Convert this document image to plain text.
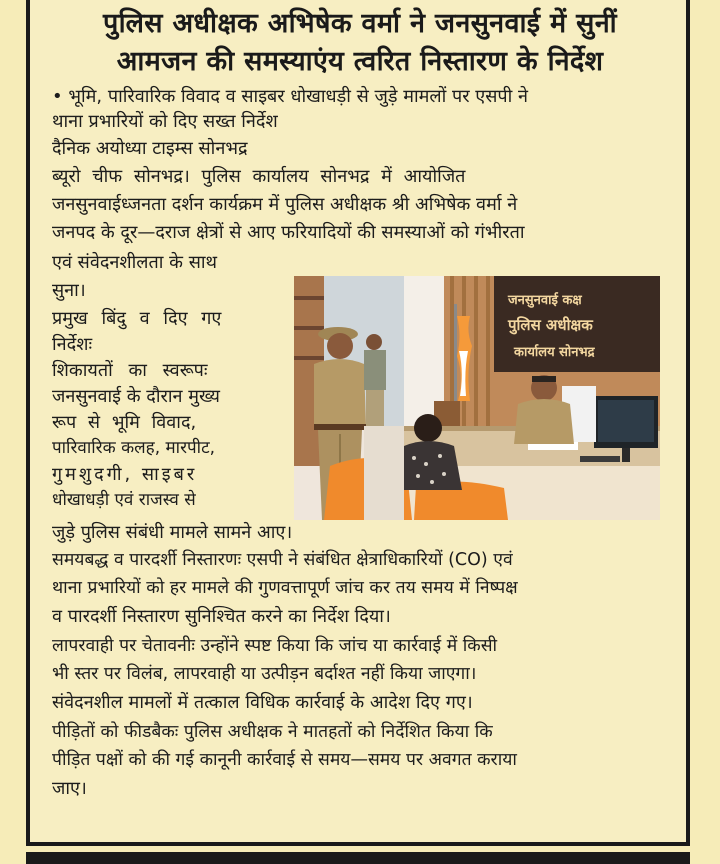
पुलिस अधीक्षक अभिषेक वर्मा ने जनसुनवाई में सुनीं
आमजन की समस्याएंय त्वरित निस्तारण के निर्देश
• भूमि, पारिवारिक विवाद व साइबर धोखाधड़ी से जुड़े मामलों पर एसपी ने
थाना प्रभारियों को दिए सख्त निर्देश
दैनिक अयोध्या टाइम्स सोनभद्र
ब्यूरो चीफ सोनभद्र। पुलिस कार्यालय सोनभद्र में आयोजित
जनसुनवाईध्जनता दर्शन कार्यक्रम में पुलिस अधीक्षक श्री अभिषेक वर्मा ने
जनपद के दूर—दराज क्षेत्रों से आए फरियादियों की समस्याओं को गंभीरता
एवं संवेदनशीलता के साथ
सुना।
प्रमुख बिंदु व दिए गए
निर्देशः
शिकायतों का स्वरूपः
जनसुनवाई के दौरान मुख्य
रूप से भूमि विवाद,
पारिवारिक कलह, मारपीट,
गुमशुदगी, साइबर
धोखाधड़ी एवं राजस्व से
जुड़े पुलिस संबंधी मामले सामने आए।
समयबद्ध व पारदर्शी निस्तारणः एसपी ने संबंधित क्षेत्राधिकारियों (CO) एवं
थाना प्रभारियों को हर मामले की गुणवत्तापूर्ण जांच कर तय समय में निष्पक्ष
व पारदर्शी निस्तारण सुनिश्चित करने का निर्देश दिया।
लापरवाही पर चेतावनीः उन्होंने स्पष्ट किया कि जांच या कार्रवाई में किसी
भी स्तर पर विलंब, लापरवाही या उत्पीड़न बर्दाश्त नहीं किया जाएगा।
संवेदनशील मामलों में तत्काल विधिक कार्रवाई के आदेश दिए गए।
पीड़ितों को फीडबैकः पुलिस अधीक्षक ने मातहतों को निर्देशित किया कि
पीड़ित पक्षों को की गई कानूनी कार्रवाई से समय—समय पर अवगत कराया
जाए।
जनसुनवाई कक्ष
पुलिस अधीक्षक
कार्यालय सोनभद्र
